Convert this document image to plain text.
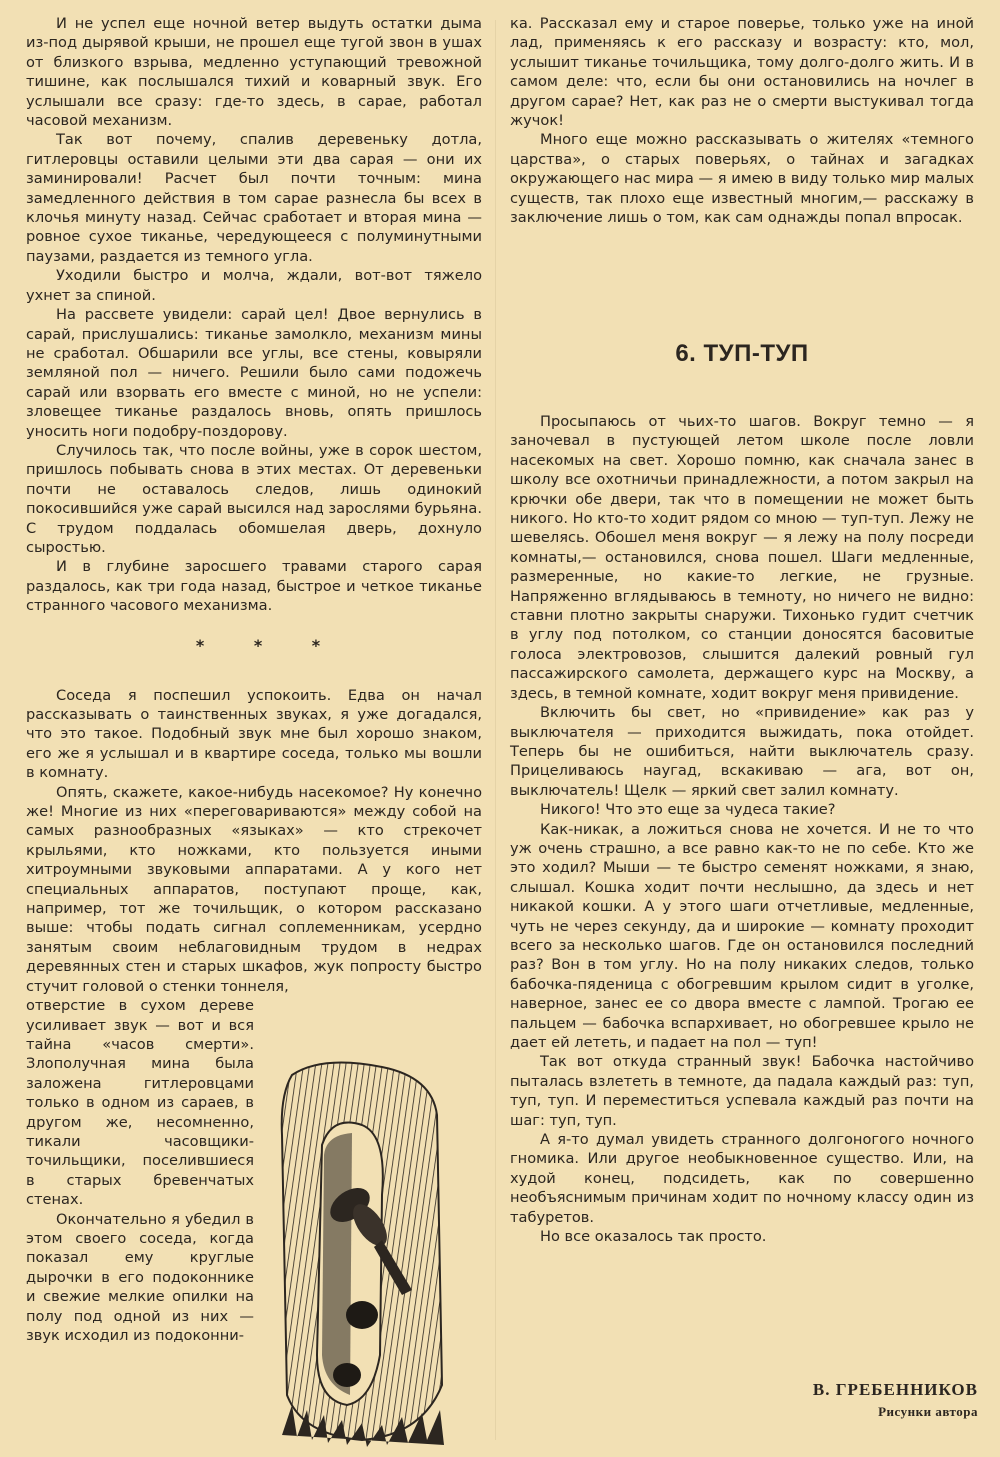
И не успел еще ночной ветер выдуть остатки дыма из-под дырявой крыши, не прошел еще тугой звон в ушах от близкого взрыва, медленно уступающий тревожной тишине, как послышался тихий и коварный звук. Его услышали все сразу: где-то здесь, в сарае, работал часовой механизм.

Так вот почему, спалив деревеньку дотла, гитлеровцы оставили целыми эти два сарая — они их заминировали! Расчет был почти точным: мина замедленного действия в том сарае разнесла бы всех в клочья минуту назад. Сейчас сработает и вторая мина — ровное сухое тиканье, чередующееся с полуминутными паузами, раздается из темного угла.

Уходили быстро и молча, ждали, вот-вот тяжело ухнет за спиной.

На рассвете увидели: сарай цел! Двое вернулись в сарай, прислушались: тиканье замолкло, механизм мины не сработал. Обшарили все углы, все стены, ковыряли земляной пол — ничего. Решили было сами подожечь сарай или взорвать его вместе с миной, но не успели: зловещее тиканье раздалось вновь, опять пришлось уносить ноги подобру-поздорову.

Случилось так, что после войны, уже в сорок шестом, пришлось побывать снова в этих местах. От деревеньки почти не оставалось следов, лишь одинокий покосившийся уже сарай высился над зарослями бурьяна. С трудом поддалась обомшелая дверь, дохнуло сыростью.

И в глубине заросшего травами старого сарая раздалось, как три года назад, быстрое и четкое тиканье странного часового механизма.

* * *

Соседа я поспешил успокоить. Едва он начал рассказывать о таинственных звуках, я уже догадался, что это такое. Подобный звук мне был хорошо знаком, его же я услышал и в квартире соседа, только мы вошли в комнату.

Опять, скажете, какое-нибудь насекомое? Ну конечно же! Многие из них «переговариваются» между собой на самых разнообразных «языках» — кто стрекочет крыльями, кто ножками, кто пользуется иными хитроумными звуковыми аппаратами. А у кого нет специальных аппаратов, поступают проще, как, например, тот же точильщик, о котором рассказано выше: чтобы подать сигнал соплеменникам, усердно занятым своим неблаговидным трудом в недрах деревянных стен и старых шкафов, жук попросту быстро стучит головой о стенки тоннеля,

отверстие в сухом дереве усиливает звук — вот и вся тайна «часов смерти». Злополучная мина была заложена гитлеровцами только в одном из сараев, в другом же, несомненно, тикали часовщики-точильщики, поселившиеся в старых бревенчатых стенах.

Окончательно я убедил в этом своего соседа, когда показал ему круглые дырочки в его подоконнике и свежие мелкие опилки на полу под одной из них — звук исходил из подоконни-

ка. Рассказал ему и старое поверье, только уже на иной лад, применяясь к его рассказу и возрасту: кто, мол, услышит тиканье точильщика, тому долго-долго жить. И в самом деле: что, если бы они остановились на ночлег в другом сарае? Нет, как раз не о смерти выстукивал тогда жучок!

Много еще можно рассказывать о жителях «темного царства», о старых поверьях, о тайнах и загадках окружающего нас мира — я имею в виду только мир малых существ, так плохо еще известный многим,— расскажу в заключение лишь о том, как сам однажды попал впросак.

6. ТУП-ТУП

Просыпаюсь от чьих-то шагов. Вокруг темно — я заночевал в пустующей летом школе после ловли насекомых на свет. Хорошо помню, как сначала занес в школу все охотничьи принадлежности, а потом закрыл на крючки обе двери, так что в помещении не может быть никого. Но кто-то ходит рядом со мною — туп-туп. Лежу не шевелясь. Обошел меня вокруг — я лежу на полу посреди комнаты,— остановился, снова пошел. Шаги медленные, размеренные, но какие-то легкие, не грузные. Напряженно вглядываюсь в темноту, но ничего не видно: ставни плотно закрыты снаружи. Тихонько гудит счетчик в углу под потолком, со станции доносятся басовитые голоса электровозов, слышится далекий ровный гул пассажирского самолета, держащего курс на Москву, а здесь, в темной комнате, ходит вокруг меня привидение.

Включить бы свет, но «привидение» как раз у выключателя — приходится выжидать, пока отойдет. Теперь бы не ошибиться, найти выключатель сразу. Прицеливаюсь наугад, вскакиваю — ага, вот он, выключатель! Щелк — яркий свет залил комнату.

Никого! Что это еще за чудеса такие?

Как-никак, а ложиться снова не хочется. И не то что уж очень страшно, а все равно как-то не по себе. Кто же это ходил? Мыши — те быстро семенят ножками, я знаю, слышал. Кошка ходит почти неслышно, да здесь и нет никакой кошки. А у этого шаги отчетливые, медленные, чуть не через секунду, да и широкие — комнату проходит всего за несколько шагов. Где он остановился последний раз? Вон в том углу. Но на полу никаких следов, только бабочка-пяденица с обогревшим крылом сидит в уголке, наверное, занес ее со двора вместе с лампой. Трогаю ее пальцем — бабочка вспархивает, но обогревшее крыло не дает ей лететь, и падает на пол — туп!

Так вот откуда странный звук! Бабочка настойчиво пыталась взлететь в темноте, да падала каждый раз: туп, туп, туп. И переместиться успевала каждый раз почти на шаг: туп, туп.

А я-то думал увидеть странного долгоногого ночного гномика. Или другое необыкновенное существо. Или, на худой конец, подсидеть, как по совершенно необъяснимым причинам ходит по ночному классу один из табуретов.

Но все оказалось так просто.

В. ГРЕБЕННИКОВ
Рисунки автора
